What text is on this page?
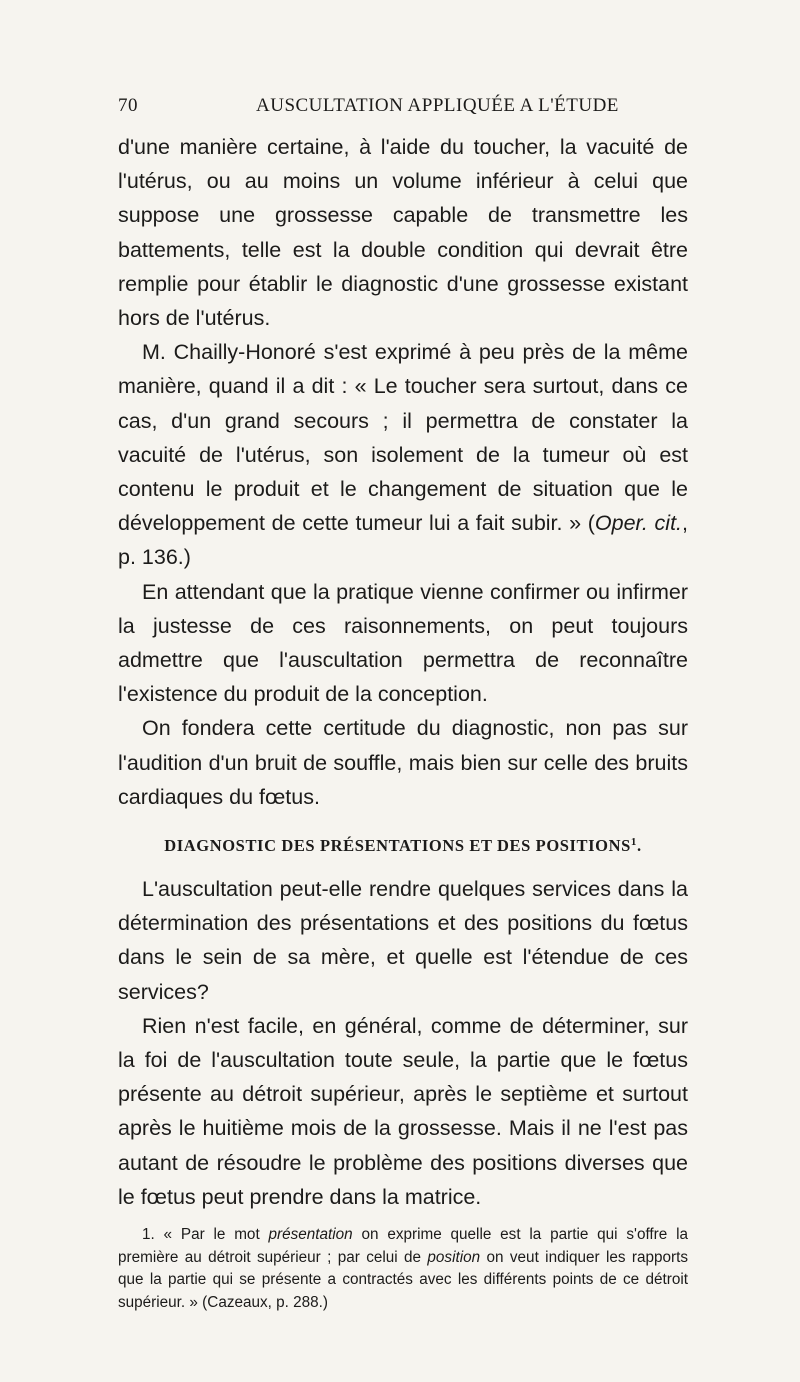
70	AUSCULTATION APPLIQUÉE A L'ÉTUDE

d'une manière certaine, à l'aide du toucher, la vacuité de l'utérus, ou au moins un volume inférieur à celui que suppose une grossesse capable de transmettre les battements, telle est la double condition qui devrait être remplie pour établir le diagnostic d'une grossesse existant hors de l'utérus.

M. Chailly-Honoré s'est exprimé à peu près de la même manière, quand il a dit : « Le toucher sera surtout, dans ce cas, d'un grand secours ; il permettra de constater la vacuité de l'utérus, son isolement de la tumeur où est contenu le produit et le changement de situation que le développement de cette tumeur lui a fait subir. » (Oper. cit., p. 136.)

En attendant que la pratique vienne confirmer ou infirmer la justesse de ces raisonnements, on peut toujours admettre que l'auscultation permettra de reconnaître l'existence du produit de la conception.

On fondera cette certitude du diagnostic, non pas sur l'audition d'un bruit de souffle, mais bien sur celle des bruits cardiaques du fœtus.

DIAGNOSTIC DES PRÉSENTATIONS ET DES POSITIONS$^1$.

L'auscultation peut-elle rendre quelques services dans la détermination des présentations et des positions du fœtus dans le sein de sa mère, et quelle est l'étendue de ces services?

Rien n'est facile, en général, comme de déterminer, sur la foi de l'auscultation toute seule, la partie que le fœtus présente au détroit supérieur, après le septième et surtout après le huitième mois de la grossesse. Mais il ne l'est pas autant de résoudre le problème des positions diverses que le fœtus peut prendre dans la matrice.

1. « Par le mot présentation on exprime quelle est la partie qui s'offre la première au détroit supérieur ; par celui de position on veut indiquer les rapports que la partie qui se présente a contractés avec les différents points de ce détroit supérieur. » (Cazeaux, p. 288.)
